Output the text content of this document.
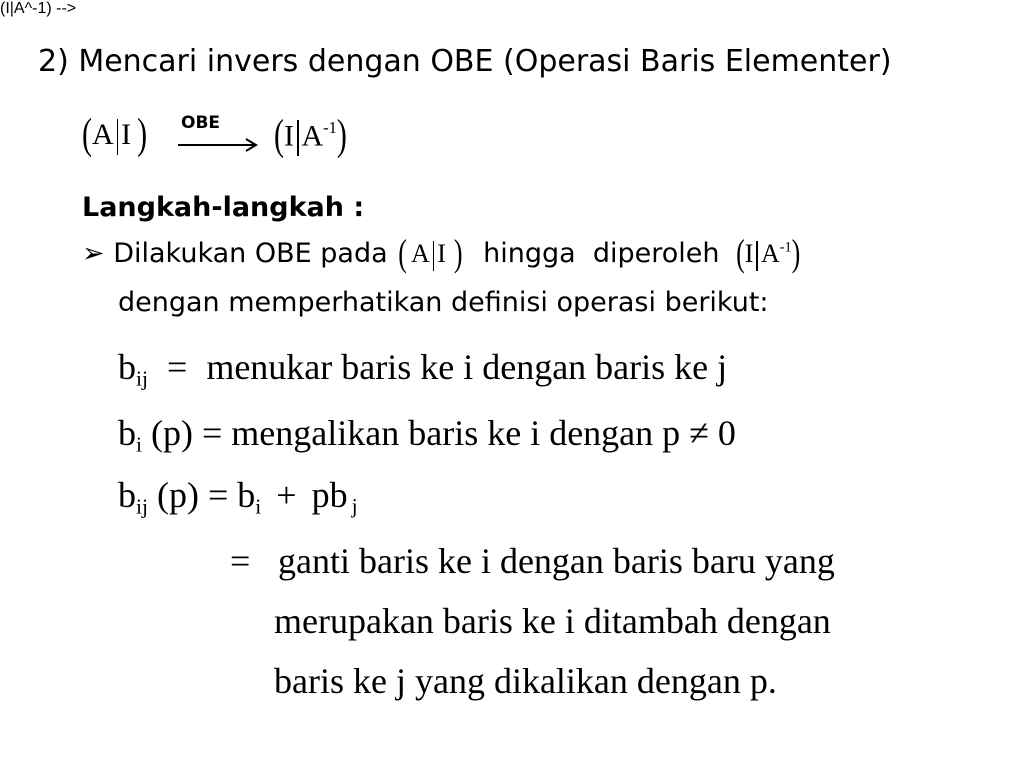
2) Mencari invers dengan OBE (Operasi Baris Elementer)
(I|A^-1) -->
(A I ) OBE (I $A^{-1}$)
Langkah-langkah :
➢ Dilakukan OBE pada ( A I ) hingga  diperoleh (I $A^{-1}$)
dengan memperhatikan definisi operasi berikut:
$b_{ij}$ = menukar baris ke i dengan baris ke j
$b_i$ (p) = mengalikan baris ke i dengan p ≠ 0
$b_{ij}$ $(p) = b_i$ + pb $_j$
= ganti baris ke i dengan baris baru yang
merupakan baris ke i ditambah dengan
baris ke j yang dikalikan dengan p.
